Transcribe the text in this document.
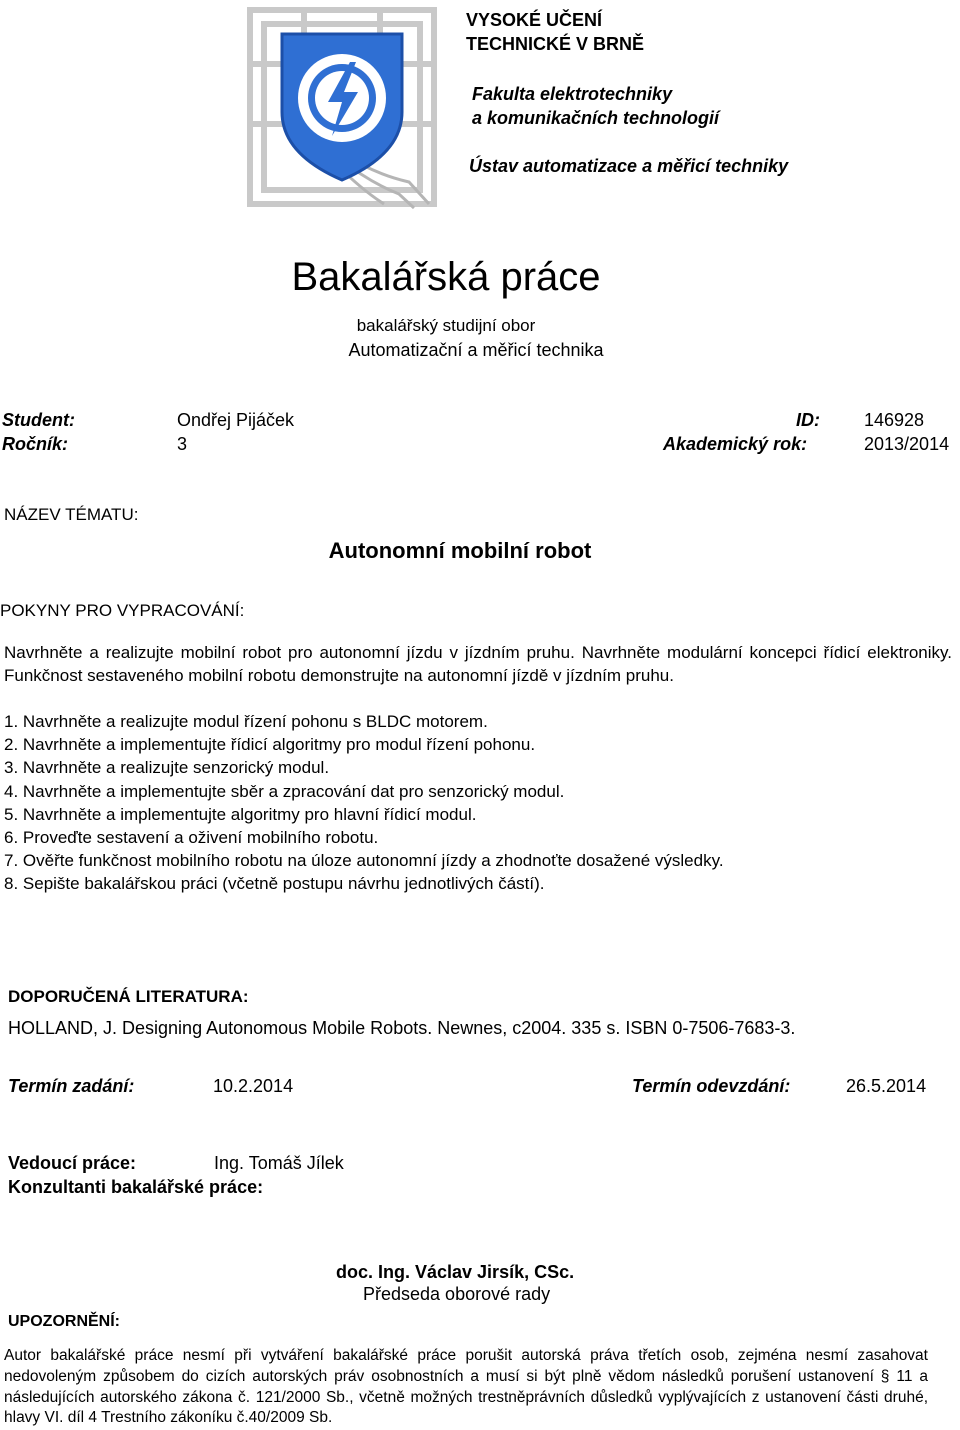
VYSOKÉ UČENÍ
TECHNICKÉ V BRNĚ
Fakulta elektrotechniky
a komunikačních technologií
Ústav automatizace a měřicí techniky
Bakalářská práce
bakalářský studijní obor
Automatizační a měřicí technika
Student:	Ondřej Pijáček	ID: 146928
Ročník:	3	Akademický rok:	2013/2014
NÁZEV TÉMATU:
Autonomní mobilní robot
POKYNY PRO VYPRACOVÁNÍ:
Navrhněte a realizujte mobilní robot pro autonomní jízdu v jízdním pruhu. Navrhněte modulární koncepci řídicí elektroniky. Funkčnost sestaveného mobilní robotu demonstrujte na autonomní jízdě v jízdním pruhu.
1. Navrhněte a realizujte modul řízení pohonu s BLDC motorem.
2. Navrhněte a implementujte řídicí algoritmy pro modul řízení pohonu.
3. Navrhněte a realizujte senzorický modul.
4. Navrhněte a implementujte sběr a zpracování dat pro senzorický modul.
5. Navrhněte a implementujte algoritmy pro hlavní řídicí modul.
6. Proveďte sestavení a oživení mobilního robotu.
7. Ověřte funkčnost mobilního robotu na úloze autonomní jízdy a zhodnoťte dosažené výsledky.
8. Sepište bakalářskou práci (včetně postupu návrhu jednotlivých částí).
DOPORUČENÁ LITERATURA:
HOLLAND, J. Designing Autonomous Mobile Robots. Newnes, c2004. 335 s. ISBN 0-7506-7683-3.
Termín zadání:	10.2.2014	Termín odevzdání:	26.5.2014
Vedoucí práce:	Ing. Tomáš Jílek
Konzultanti bakalářské práce:
doc. Ing. Václav Jirsík, CSc.
Předseda oborové rady
UPOZORNĚNÍ:
Autor bakalářské práce nesmí při vytváření bakalářské práce porušit autorská práva třetích osob, zejména nesmí zasahovat nedovoleným způsobem do cizích autorských práv osobnostních a musí si být plně vědom následků porušení ustanovení § 11 a následujících autorského zákona č. 121/2000 Sb., včetně možných trestněprávních důsledků vyplývajících z ustanovení části druhé, hlavy VI. díl 4 Trestního zákoníku č.40/2009 Sb.
